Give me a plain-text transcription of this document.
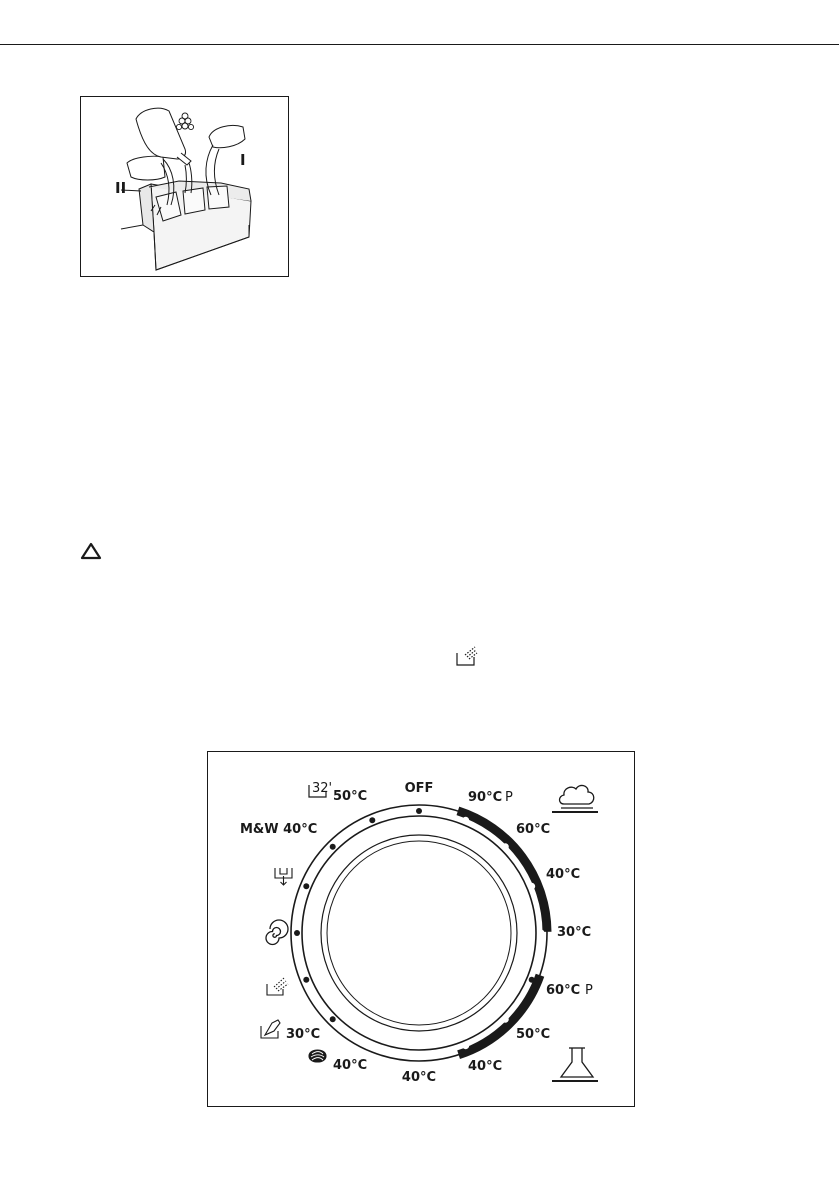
II
I
OFF
32'
50°C
M&W 40°C
30°C
40°C
40°C
40°C
50°C
60°C P
30°C
40°C
60°C
90°C P
